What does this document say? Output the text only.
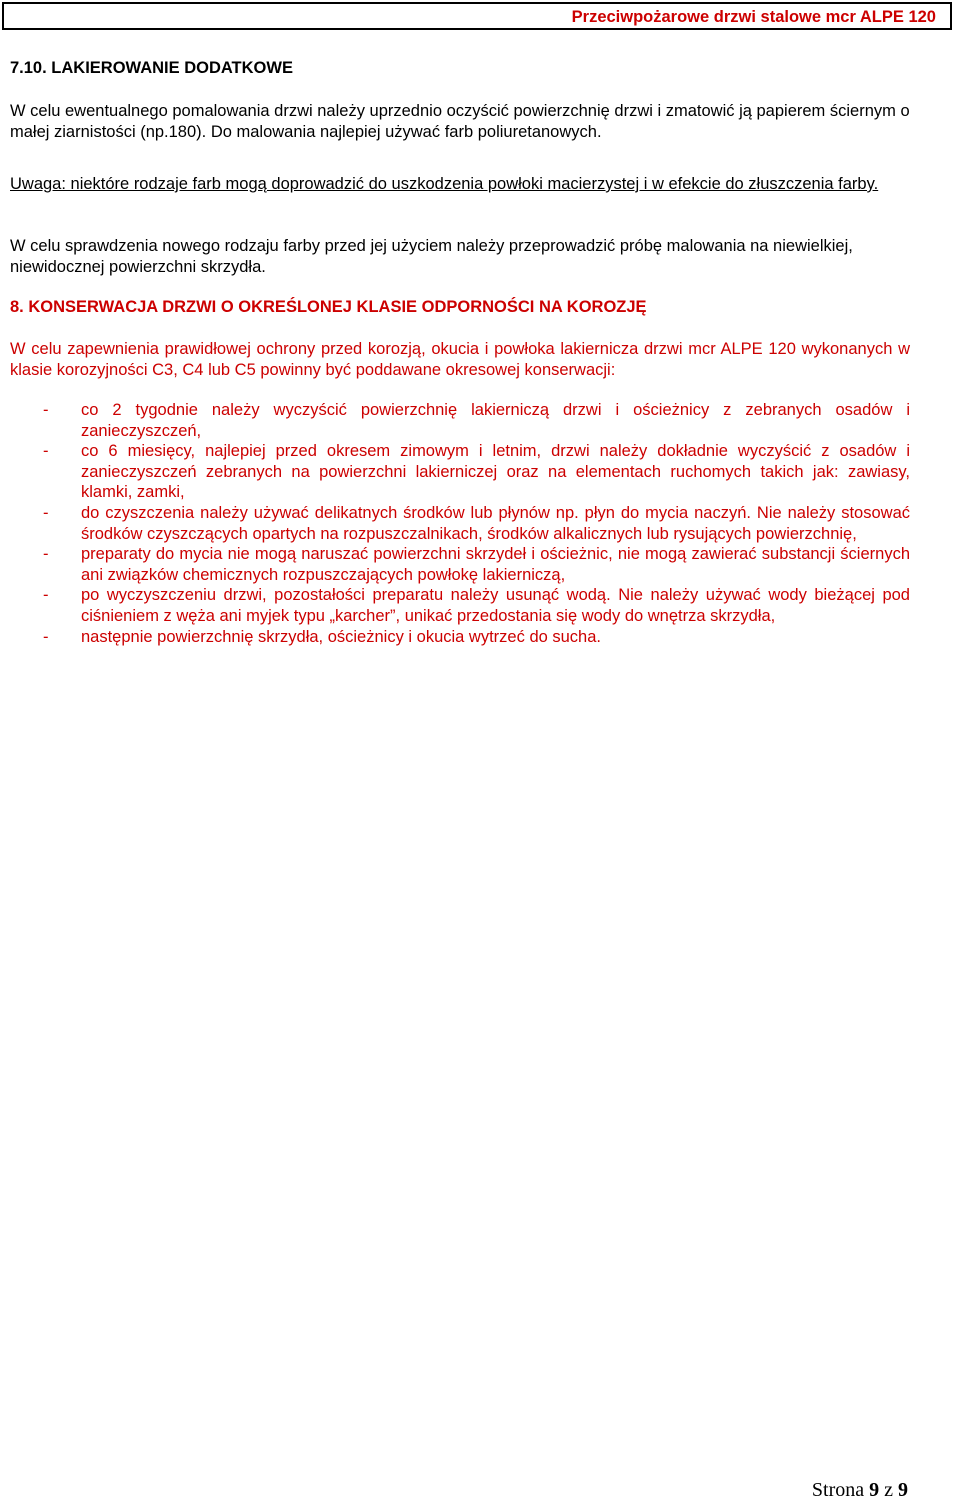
Przeciwpożarowe drzwi stalowe mcr ALPE 120
7.10. LAKIEROWANIE DODATKOWE
W celu ewentualnego pomalowania drzwi należy uprzednio oczyścić powierzchnię drzwi i zmatowić ją papierem ściernym o małej ziarnistości (np.180). Do malowania najlepiej używać farb poliuretanowych.
Uwaga: niektóre rodzaje farb mogą doprowadzić do uszkodzenia powłoki macierzystej i w efekcie do złuszczenia farby.
W celu sprawdzenia nowego rodzaju farby przed jej użyciem należy przeprowadzić próbę malowania na niewielkiej, niewidocznej powierzchni skrzydła.
8. KONSERWACJA DRZWI O OKREŚLONEJ KLASIE ODPORNOŚCI NA KOROZJĘ
W celu zapewnienia prawidłowej ochrony przed korozją, okucia i powłoka lakiernicza drzwi mcr ALPE 120 wykonanych w klasie korozyjności C3, C4 lub C5 powinny być poddawane okresowej konserwacji:
- co 2 tygodnie należy wyczyścić powierzchnię lakierniczą drzwi i ościeżnicy z zebranych osadów i zanieczyszczeń,
- co 6 miesięcy, najlepiej przed okresem zimowym i letnim, drzwi należy dokładnie wyczyścić z osadów i zanieczyszczeń zebranych na powierzchni lakierniczej oraz na elementach ruchomych takich jak: zawiasy, klamki, zamki,
- do czyszczenia należy używać delikatnych środków lub płynów np. płyn do mycia naczyń. Nie należy stosować środków czyszczących opartych na rozpuszczalnikach, środków alkalicznych lub rysujących powierzchnię,
- preparaty do mycia nie mogą naruszać powierzchni skrzydeł i ościeżnic, nie mogą zawierać substancji ściernych ani związków chemicznych rozpuszczających powłokę lakierniczą,
- po wyczyszczeniu drzwi, pozostałości preparatu należy usunąć wodą. Nie należy używać wody bieżącej pod ciśnieniem z węża ani myjek typu „karcher”, unikać przedostania się wody do wnętrza skrzydła,
- następnie powierzchnię skrzydła, ościeżnicy i okucia wytrzeć do sucha.
Strona 9 z 9
